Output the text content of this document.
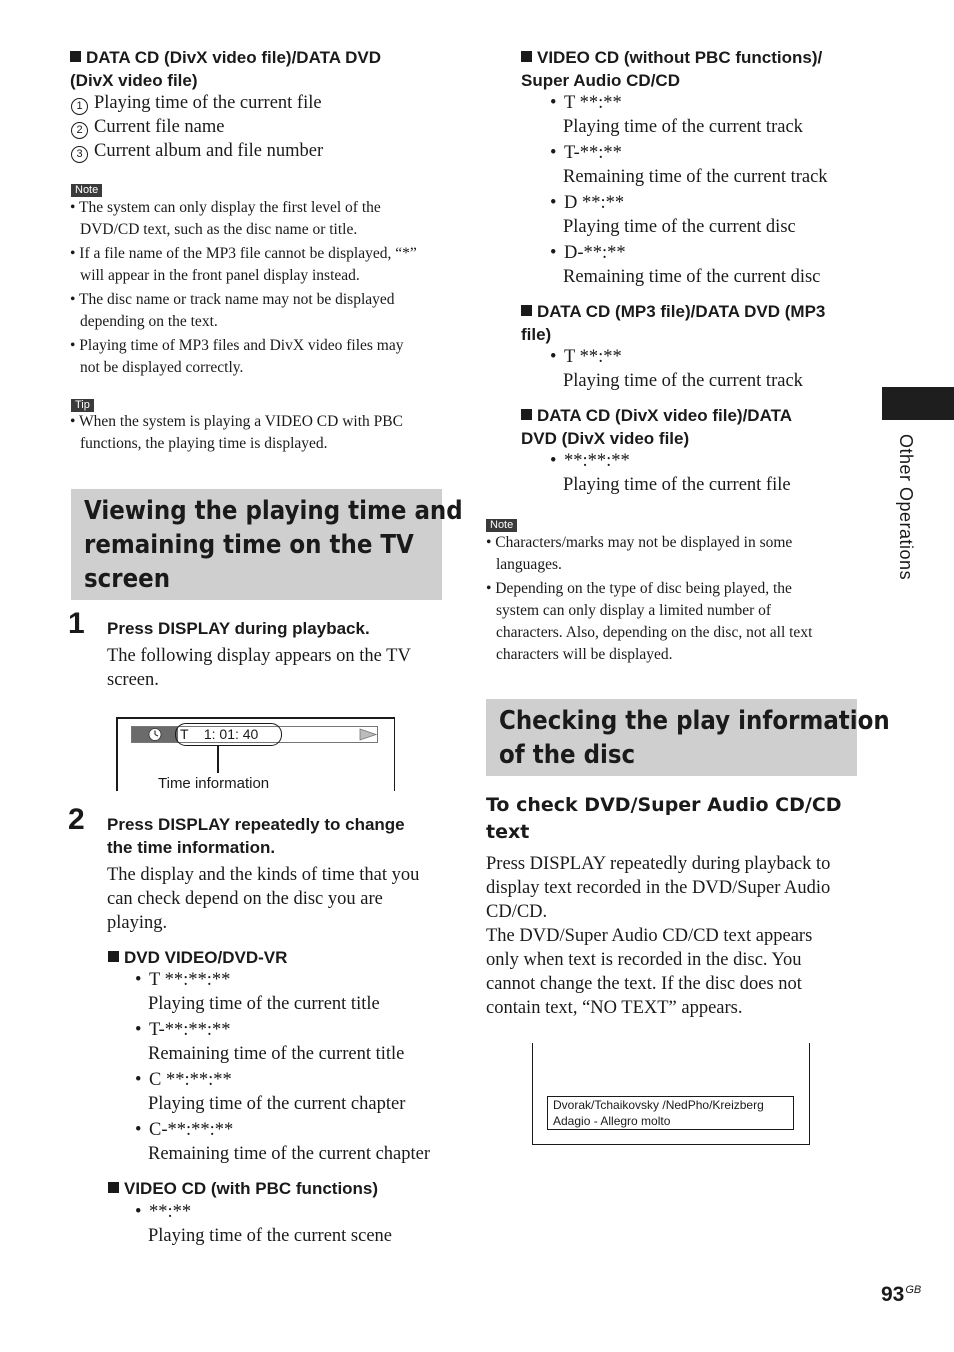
DATA CD (DivX video file)/DATA DVD
(DivX video file)
1 Playing time of the current file
2 Current file name
3 Current album and file number
Note
• The system can only display the first level of the
DVD/CD text, such as the disc name or title.
• If a file name of the MP3 file cannot be displayed, “*”
will appear in the front panel display instead.
• The disc name or track name may not be displayed
depending on the text.
• Playing time of MP3 files and DivX video files may
not be displayed correctly.
Tip
• When the system is playing a VIDEO CD with PBC
functions, the playing time is displayed.
Viewing the playing time and
remaining time on the TV
screen
1 Press DISPLAY during playback.
The following display appears on the TV
screen.
T    1: 01: 40
Time information
2 Press DISPLAY repeatedly to change
the time information.
The display and the kinds of time that you
can check depend on the disc you are
playing.
DVD VIDEO/DVD-VR
• T **:**:**
Playing time of the current title
• T-**:**:**
Remaining time of the current title
• C **:**:**
Playing time of the current chapter
• C-**:**:**
Remaining time of the current chapter
VIDEO CD (with PBC functions)
• **:**
Playing time of the current scene
VIDEO CD (without PBC functions)/
Super Audio CD/CD
• T **:**
Playing time of the current track
• T-**:**
Remaining time of the current track
• D **:**
Playing time of the current disc
• D-**:**
Remaining time of the current disc
DATA CD (MP3 file)/DATA DVD (MP3
file)
• T **:**
Playing time of the current track
DATA CD (DivX video file)/DATA
DVD (DivX video file)
• **:**:**
Playing time of the current file
Note
• Characters/marks may not be displayed in some
languages.
• Depending on the type of disc being played, the
system can only display a limited number of
characters. Also, depending on the disc, not all text
characters will be displayed.
Checking the play information
of the disc
To check DVD/Super Audio CD/CD
text
Press DISPLAY repeatedly during playback to
display text recorded in the DVD/Super Audio
CD/CD.
The DVD/Super Audio CD/CD text appears
only when text is recorded in the disc. You
cannot change the text. If the disc does not
contain text, “NO TEXT” appears.
Dvorak/Tchaikovsky /NedPho/Kreizberg
Adagio - Allegro molto
Other Operations
$93^{GB}$
